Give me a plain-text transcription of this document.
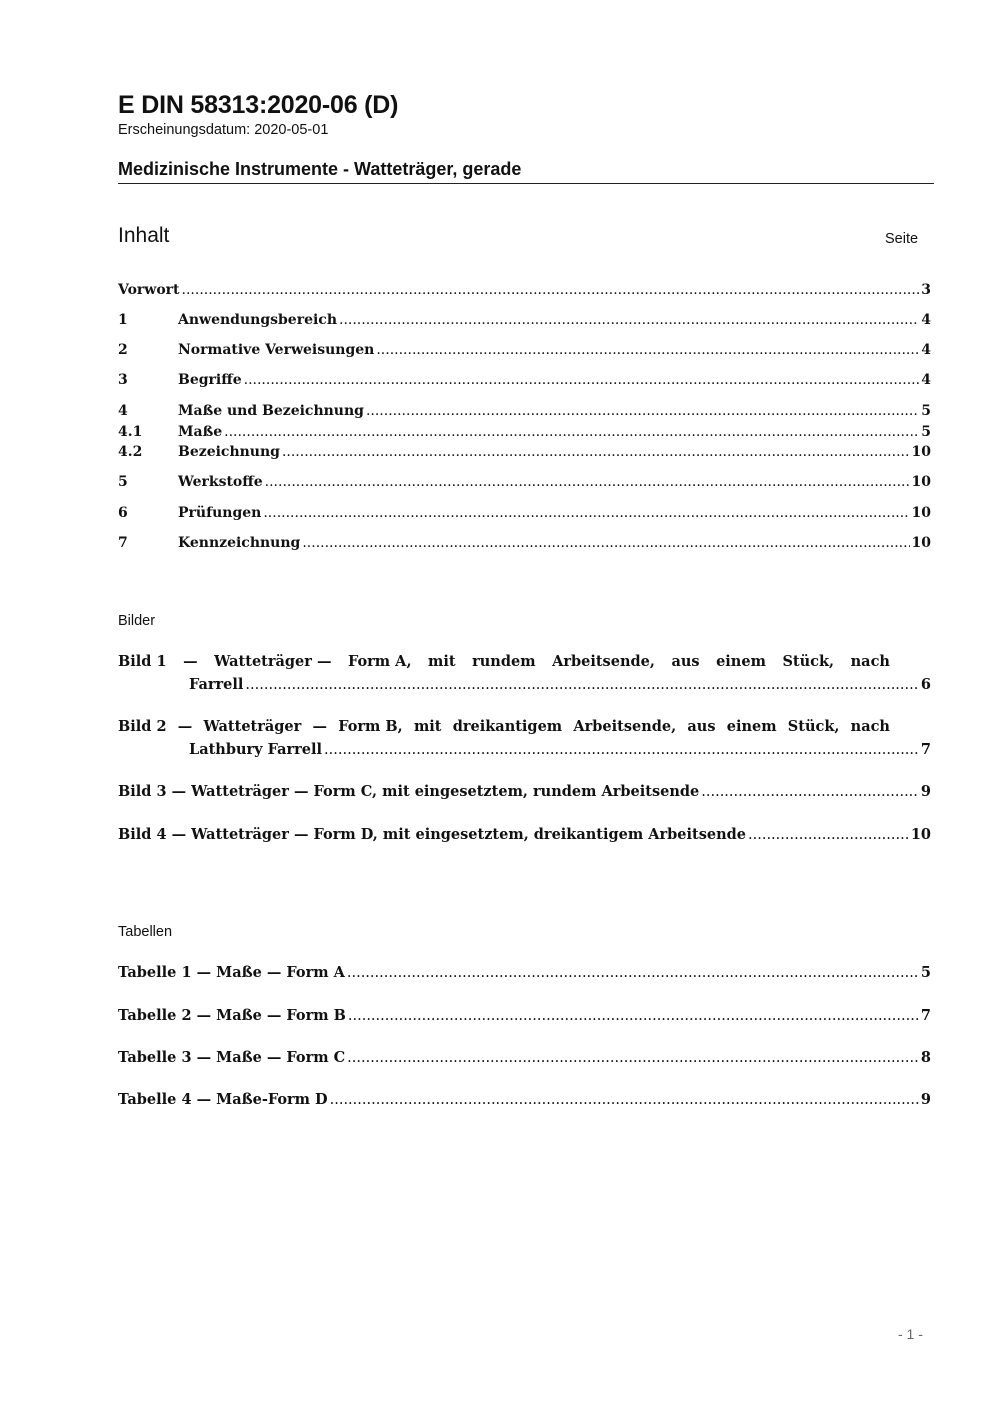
E DIN 58313:2020-06 (D)
Erscheinungsdatum: 2020-05-01
Medizinische Instrumente - Watteträger, gerade
Inhalt	Seite
Vorwort .....	3
1	Anwendungsbereich .....	4
2	Normative Verweisungen .....	4
3	Begriffe .....	4
4	Maße und Bezeichnung .....	5
4.1	Maße .....	5
4.2	Bezeichnung .....	10
5	Werkstoffe .....	10
6	Prüfungen .....	10
7	Kennzeichnung .....	10
Bilder
Bild 1 — Watteträger — Form A, mit rundem Arbeitsende, aus einem Stück, nach
Farrell .....	6
Bild 2 — Watteträger — Form B, mit dreikantigem Arbeitsende, aus einem Stück, nach
Lathbury Farrell .....	7
Bild 3 — Watteträger — Form C, mit eingesetztem, rundem Arbeitsende .....	9
Bild 4 — Watteträger — Form D, mit eingesetztem, dreikantigem Arbeitsende .....	10
Tabellen
Tabelle 1 — Maße — Form A .....	5
Tabelle 2 — Maße — Form B .....	7
Tabelle 3 — Maße — Form C .....	8
Tabelle 4 — Maße-Form D .....	9
- 1 -
